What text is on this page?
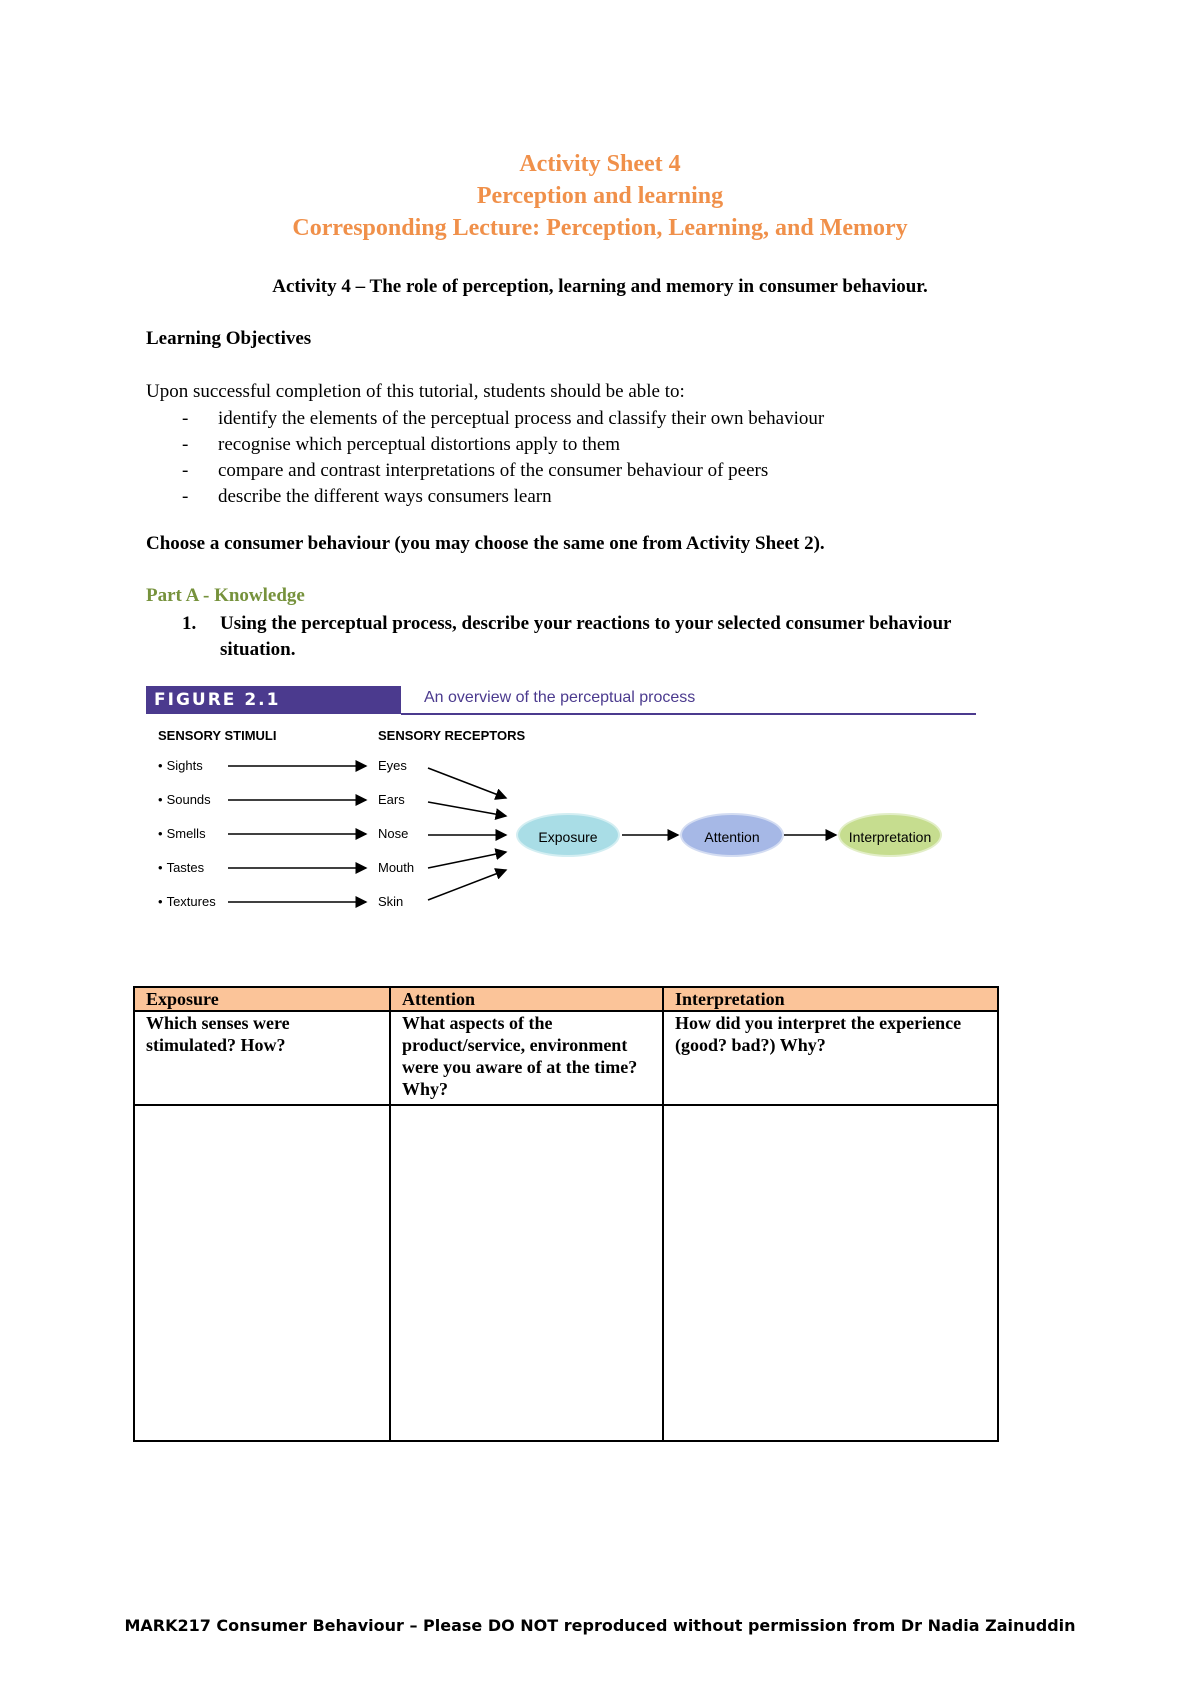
Activity Sheet 4
Perception and learning
Corresponding Lecture: Perception, Learning, and Memory
Activity 4 – The role of perception, learning and memory in consumer behaviour.
Learning Objectives
Upon successful completion of this tutorial, students should be able to:
- identify the elements of the perceptual process and classify their own behaviour
- recognise which perceptual distortions apply to them
- compare and contrast interpretations of the consumer behaviour of peers
- describe the different ways consumers learn
Choose a consumer behaviour (you may choose the same one from Activity Sheet 2).
Part A - Knowledge
1.	Using the perceptual process, describe your reactions to your selected consumer behaviour situation.
FIGURE 2.1	An overview of the perceptual process
SENSORY STIMULI	SENSORY RECEPTORS
• Sights
• Sounds
• Smells
• Tastes
• Textures
Eyes
Ears
Nose
Mouth
Skin
Exposure	Attention	Interpretation
Exposure	Attention	Interpretation
Which senses were stimulated? How?	What aspects of the product/service, environment were you aware of at the time? Why?	How did you interpret the experience (good? bad?) Why?

MARK217 Consumer Behaviour – Please DO NOT reproduced without permission from Dr Nadia Zainuddin
